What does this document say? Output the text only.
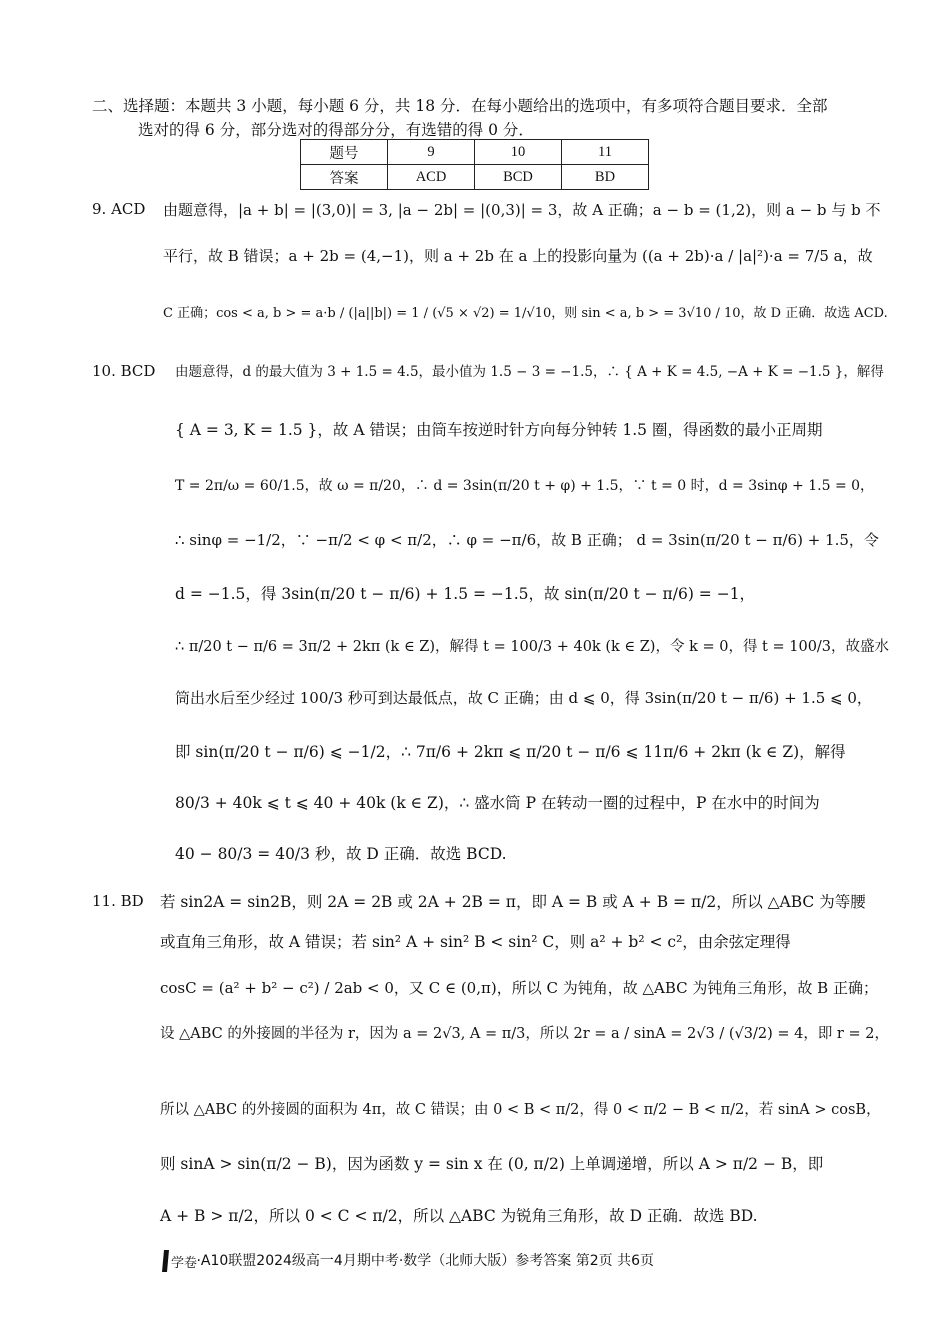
二、选择题：本题共 3 小题，每小题 6 分，共 18 分．在每小题给出的选项中，有多项符合题目要求．全部
选对的得 6 分，部分选对的得部分分，有选错的得 0 分．
题号	9	10	11
答案	ACD	BCD	BD
9. ACD 由题意得，|a + b| = |(3,0)| = 3, |a − 2b| = |(0,3)| = 3，故 A 正确；a − b = (1,2)，则 a − b 与 b 不
平行，故 B 错误；a + 2b = (4,−1)，则 a + 2b 在 a 上的投影向量为 ((a + 2b)·a / |a|²)·a = 7/5 a，故
C 正确；cos < a, b > = a·b / (|a||b|) = 1 / (√5 × √2) = 1/√10，则 sin < a, b > = 3√10 / 10，故 D 正确．故选 ACD.
10. BCD 由题意得，d 的最大值为 3 + 1.5 = 4.5，最小值为 1.5 − 3 = −1.5，∴ { A + K = 4.5, −A + K = −1.5 }，解得
{ A = 3, K = 1.5 }，故 A 错误；由筒车按逆时针方向每分钟转 1.5 圈，得函数的最小正周期
T = 2π/ω = 60/1.5，故 ω = π/20，∴ d = 3sin(π/20 t + φ) + 1.5，∵ t = 0 时，d = 3sinφ + 1.5 = 0，
∴ sinφ = −1/2，∵ −π/2 < φ < π/2，∴ φ = −π/6，故 B 正确； d = 3sin(π/20 t − π/6) + 1.5，令
d = −1.5，得 3sin(π/20 t − π/6) + 1.5 = −1.5，故 sin(π/20 t − π/6) = −1，
∴ π/20 t − π/6 = 3π/2 + 2kπ (k ∈ Z)，解得 t = 100/3 + 40k (k ∈ Z)，令 k = 0，得 t = 100/3，故盛水
筒出水后至少经过 100/3 秒可到达最低点，故 C 正确；由 d ⩽ 0，得 3sin(π/20 t − π/6) + 1.5 ⩽ 0，
即 sin(π/20 t − π/6) ⩽ −1/2，∴ 7π/6 + 2kπ ⩽ π/20 t − π/6 ⩽ 11π/6 + 2kπ (k ∈ Z)，解得
80/3 + 40k ⩽ t ⩽ 40 + 40k (k ∈ Z)，∴ 盛水筒 P 在转动一圈的过程中，P 在水中的时间为
40 − 80/3 = 40/3 秒，故 D 正确．故选 BCD.
11. BD 若 sin2A = sin2B，则 2A = 2B 或 2A + 2B = π，即 A = B 或 A + B = π/2，所以 △ABC 为等腰
或直角三角形，故 A 错误；若 sin² A + sin² B < sin² C，则 a² + b² < c²，由余弦定理得
cosC = (a² + b² − c²) / 2ab < 0，又 C ∈ (0,π)，所以 C 为钝角，故 △ABC 为钝角三角形，故 B 正确；
设 △ABC 的外接圆的半径为 r，因为 a = 2√3, A = π/3，所以 2r = a / sinA = 2√3 / (√3/2) = 4，即 r = 2，
所以 △ABC 的外接圆的面积为 4π，故 C 错误；由 0 < B < π/2，得 0 < π/2 − B < π/2，若 sinA > cosB，
则 sinA > sin(π/2 − B)，因为函数 y = sin x 在 (0, π/2) 上单调递增，所以 A > π/2 − B，即
A + B > π/2，所以 0 < C < π/2，所以 △ABC 为锐角三角形，故 D 正确．故选 BD.
学卷 ·A10联盟2024级高一4月期中考·数学（北师大版）参考答案 第2页 共6页
